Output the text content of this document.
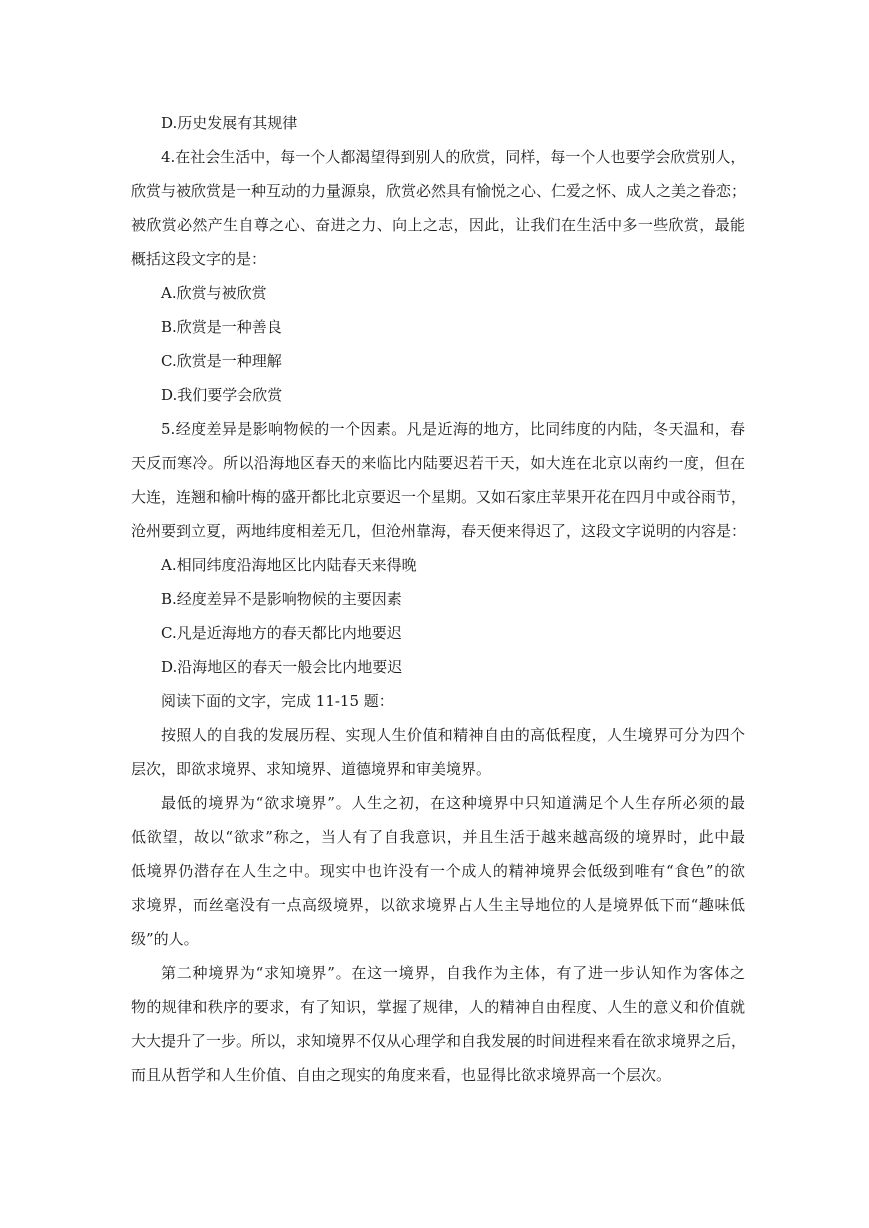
D.历史发展有其规律

4.在社会生活中，每一个人都渴望得到别人的欣赏，同样，每一个人也要学会欣赏别人，

欣赏与被欣赏是一种互动的力量源泉，欣赏必然具有愉悦之心、仁爱之怀、成人之美之眷恋；

被欣赏必然产生自尊之心、奋进之力、向上之志，因此，让我们在生活中多一些欣赏，最能

概括这段文字的是：

A.欣赏与被欣赏

B.欣赏是一种善良

C.欣赏是一种理解

D.我们要学会欣赏

5.经度差异是影响物候的一个因素。凡是近海的地方，比同纬度的内陆，冬天温和，春

天反而寒冷。所以沿海地区春天的来临比内陆要迟若干天，如大连在北京以南约一度，但在

大连，连翘和榆叶梅的盛开都比北京要迟一个星期。又如石家庄苹果开花在四月中或谷雨节，

沧州要到立夏，两地纬度相差无几，但沧州靠海，春天便来得迟了，这段文字说明的内容是：

A.相同纬度沿海地区比内陆春天来得晚

B.经度差异不是影响物候的主要因素

C.凡是近海地方的春天都比内地要迟

D.沿海地区的春天一般会比内地要迟

阅读下面的文字，完成 11-15 题：

按照人的自我的发展历程、实现人生价值和精神自由的高低程度，人生境界可分为四个

层次，即欲求境界、求知境界、道德境界和审美境界。

最低的境界为“欲求境界”。人生之初，在这种境界中只知道满足个人生存所必须的最

低欲望，故以“欲求”称之，当人有了自我意识，并且生活于越来越高级的境界时，此中最

低境界仍潜存在人生之中。现实中也许没有一个成人的精神境界会低级到唯有“食色”的欲

求境界，而丝毫没有一点高级境界，以欲求境界占人生主导地位的人是境界低下而“趣味低

级”的人。

第二种境界为“求知境界”。在这一境界，自我作为主体，有了进一步认知作为客体之

物的规律和秩序的要求，有了知识，掌握了规律，人的精神自由程度、人生的意义和价值就

大大提升了一步。所以，求知境界不仅从心理学和自我发展的时间进程来看在欲求境界之后，

而且从哲学和人生价值、自由之现实的角度来看，也显得比欲求境界高一个层次。
